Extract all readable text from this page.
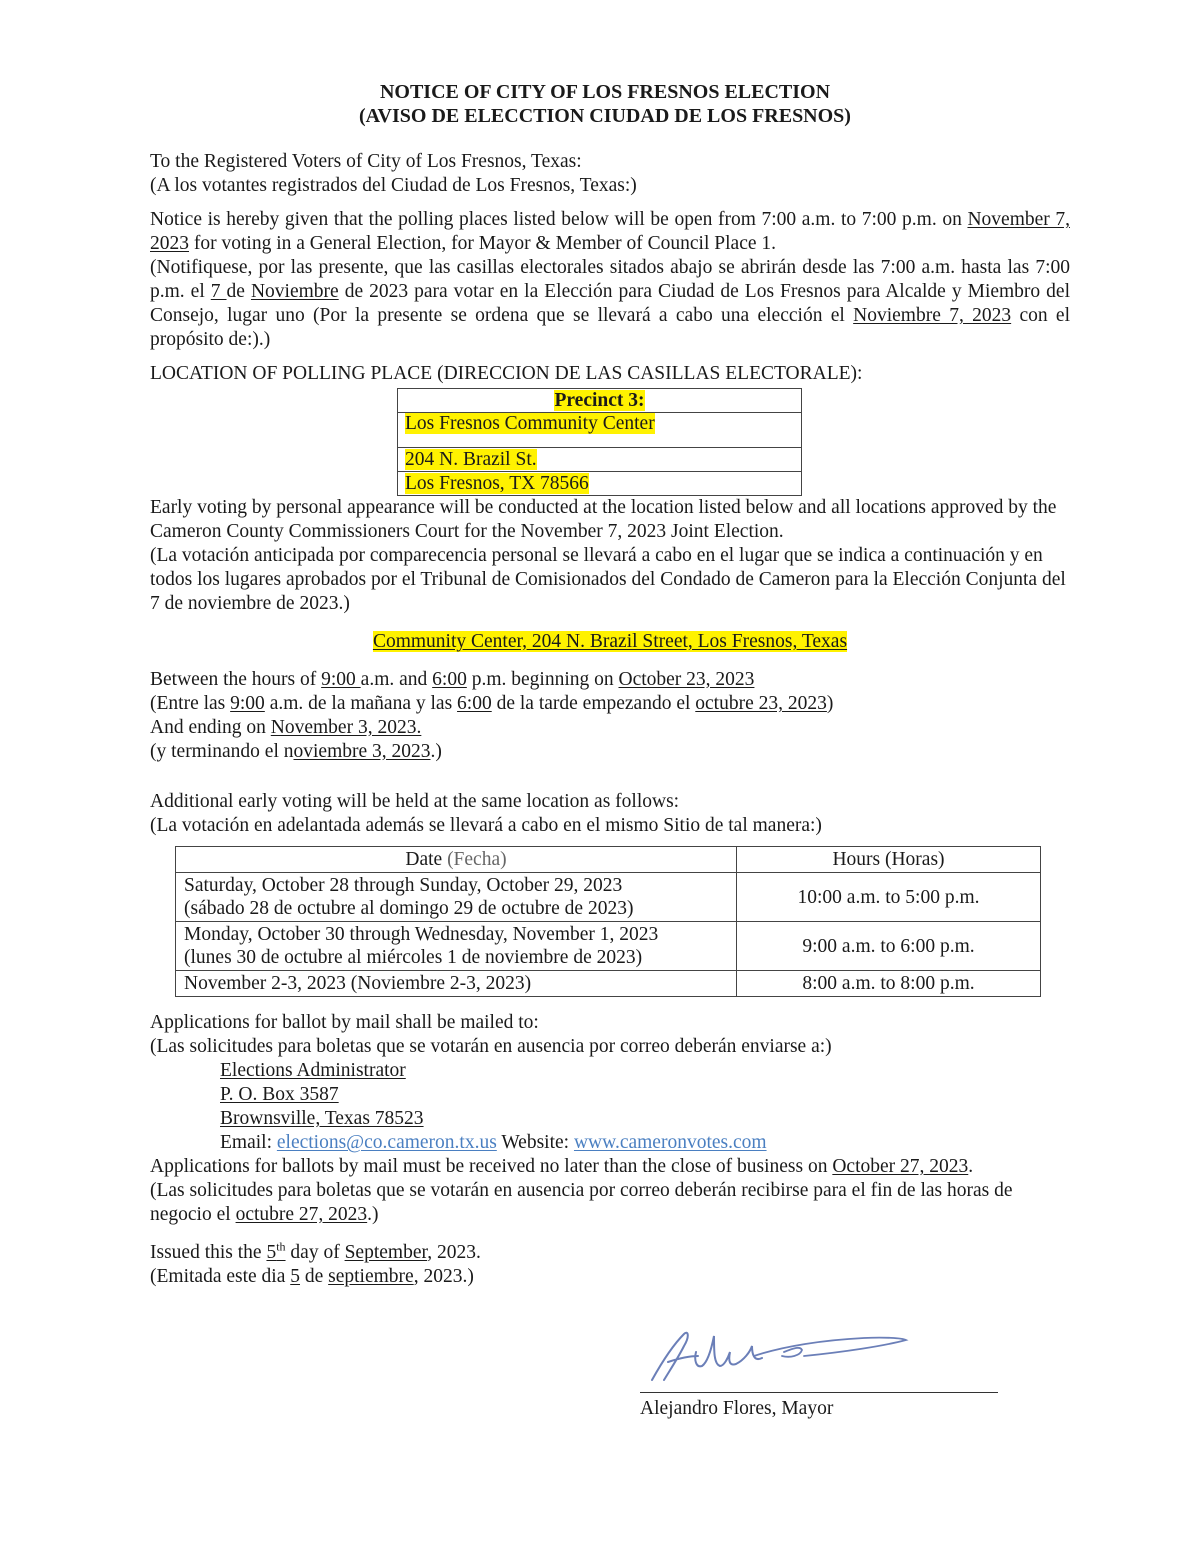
NOTICE OF CITY OF LOS FRESNOS ELECTION
(AVISO DE ELECCTION CIUDAD DE LOS FRESNOS)

To the Registered Voters of City of Los Fresnos, Texas:

(A los votantes registrados del Ciudad de Los Fresnos, Texas:)

Notice is hereby given that the polling places listed below will be open from 7:00 a.m. to 7:00 p.m. on November 7, 2023 for voting in a General Election, for Mayor & Member of Council Place 1.

(Notifiquese, por las presente, que las casillas electorales sitados abajo se abrirán desde las 7:00 a.m. hasta las 7:00 p.m. el 7 de Noviembre de 2023 para votar en la Elección para Ciudad de Los Fresnos para Alcalde y Miembro del Consejo, lugar uno (Por la presente se ordena que se llevará a cabo una elección el Noviembre 7, 2023 con el propósito de:).)

LOCATION OF POLLING PLACE (DIRECCION DE LAS CASILLAS ELECTORALE):

Precinct 3:
Los Fresnos Community Center
204 N. Brazil St.
Los Fresnos, TX 78566

Early voting by personal appearance will be conducted at the location listed below and all locations approved by the Cameron County Commissioners Court for the November 7, 2023 Joint Election.

(La votación anticipada por comparecencia personal se llevará a cabo en el lugar que se indica a continuación y en todos los lugares aprobados por el Tribunal de Comisionados del Condado de Cameron para la Elección Conjunta del 7 de noviembre de 2023.)

Community Center, 204 N. Brazil Street, Los Fresnos, Texas

Between the hours of 9:00 a.m. and 6:00 p.m. beginning on October 23, 2023

(Entre las 9:00 a.m. de la mañana y las 6:00 de la tarde empezando el octubre 23, 2023)

And ending on November 3, 2023.

(y terminando el noviembre 3, 2023.)

Additional early voting will be held at the same location as follows:

(La votación en adelantada además se llevará a cabo en el mismo Sitio de tal manera:)

Date (Fecha)	Hours (Horas)

Saturday, October 28 through Sunday, October 29, 2023
(sábado 28 de octubre al domingo 29 de octubre de 2023)	10:00 a.m. to 5:00 p.m.

Monday, October 30 through Wednesday, November 1, 2023
(lunes 30 de octubre al miércoles 1 de noviembre de 2023)	9:00 a.m. to 6:00 p.m.
November 2-3, 2023 (Noviembre 2-3, 2023)	8:00 a.m. to 8:00 p.m.

Applications for ballot by mail shall be mailed to:

(Las solicitudes para boletas que se votarán en ausencia por correo deberán enviarse a:)

Elections Administrator

P. O. Box 3587

Brownsville, Texas 78523

Email: elections@co.cameron.tx.us Website: www.cameronvotes.com

Applications for ballots by mail must be received no later than the close of business on October 27, 2023.

(Las solicitudes para boletas que se votarán en ausencia por correo deberán recibirse para el fin de las horas de negocio el octubre 27, 2023.)

Issued this the 5th day of September, 2023.

(Emitada este dia 5 de septiembre, 2023.)

Alejandro Flores, Mayor
